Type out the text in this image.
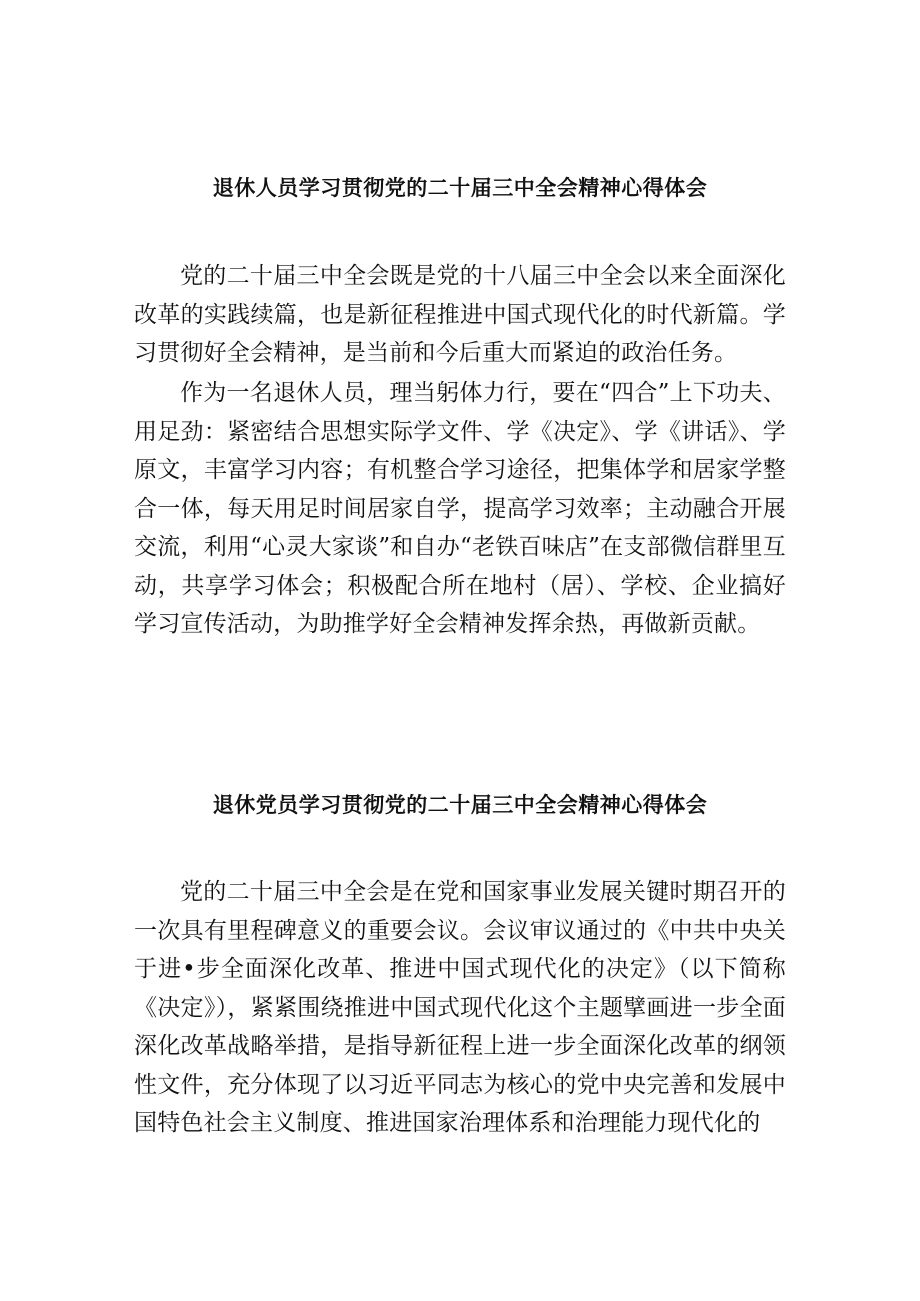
退休人员学习贯彻党的二十届三中全会精神心得体会

党的二十届三中全会既是党的十八届三中全会以来全面深化改革的实践续篇，也是新征程推进中国式现代化的时代新篇。学习贯彻好全会精神，是当前和今后重大而紧迫的政治任务。

作为一名退休人员，理当躬体力行，要在“四合”上下功夫、用足劲：紧密结合思想实际学文件、学《决定》、学《讲话》、学原文，丰富学习内容；有机整合学习途径，把集体学和居家学整合一体，每天用足时间居家自学，提高学习效率；主动融合开展交流，利用“心灵大家谈”和自办“老铁百味店”在支部微信群里互动，共享学习体会；积极配合所在地村（居）、学校、企业搞好学习宣传活动，为助推学好全会精神发挥余热，再做新贡献。

退休党员学习贯彻党的二十届三中全会精神心得体会

党的二十届三中全会是在党和国家事业发展关键时期召开的一次具有里程碑意义的重要会议。会议审议通过的《中共中央关于进•步全面深化改革、推进中国式现代化的决定》（以下简称《决定》），紧紧围绕推进中国式现代化这个主题擘画进一步全面深化改革战略举措，是指导新征程上进一步全面深化改革的纲领性文件，充分体现了以习近平同志为核心的党中央完善和发展中国特色社会主义制度、推进国家治理体系和治理能力现代化的
